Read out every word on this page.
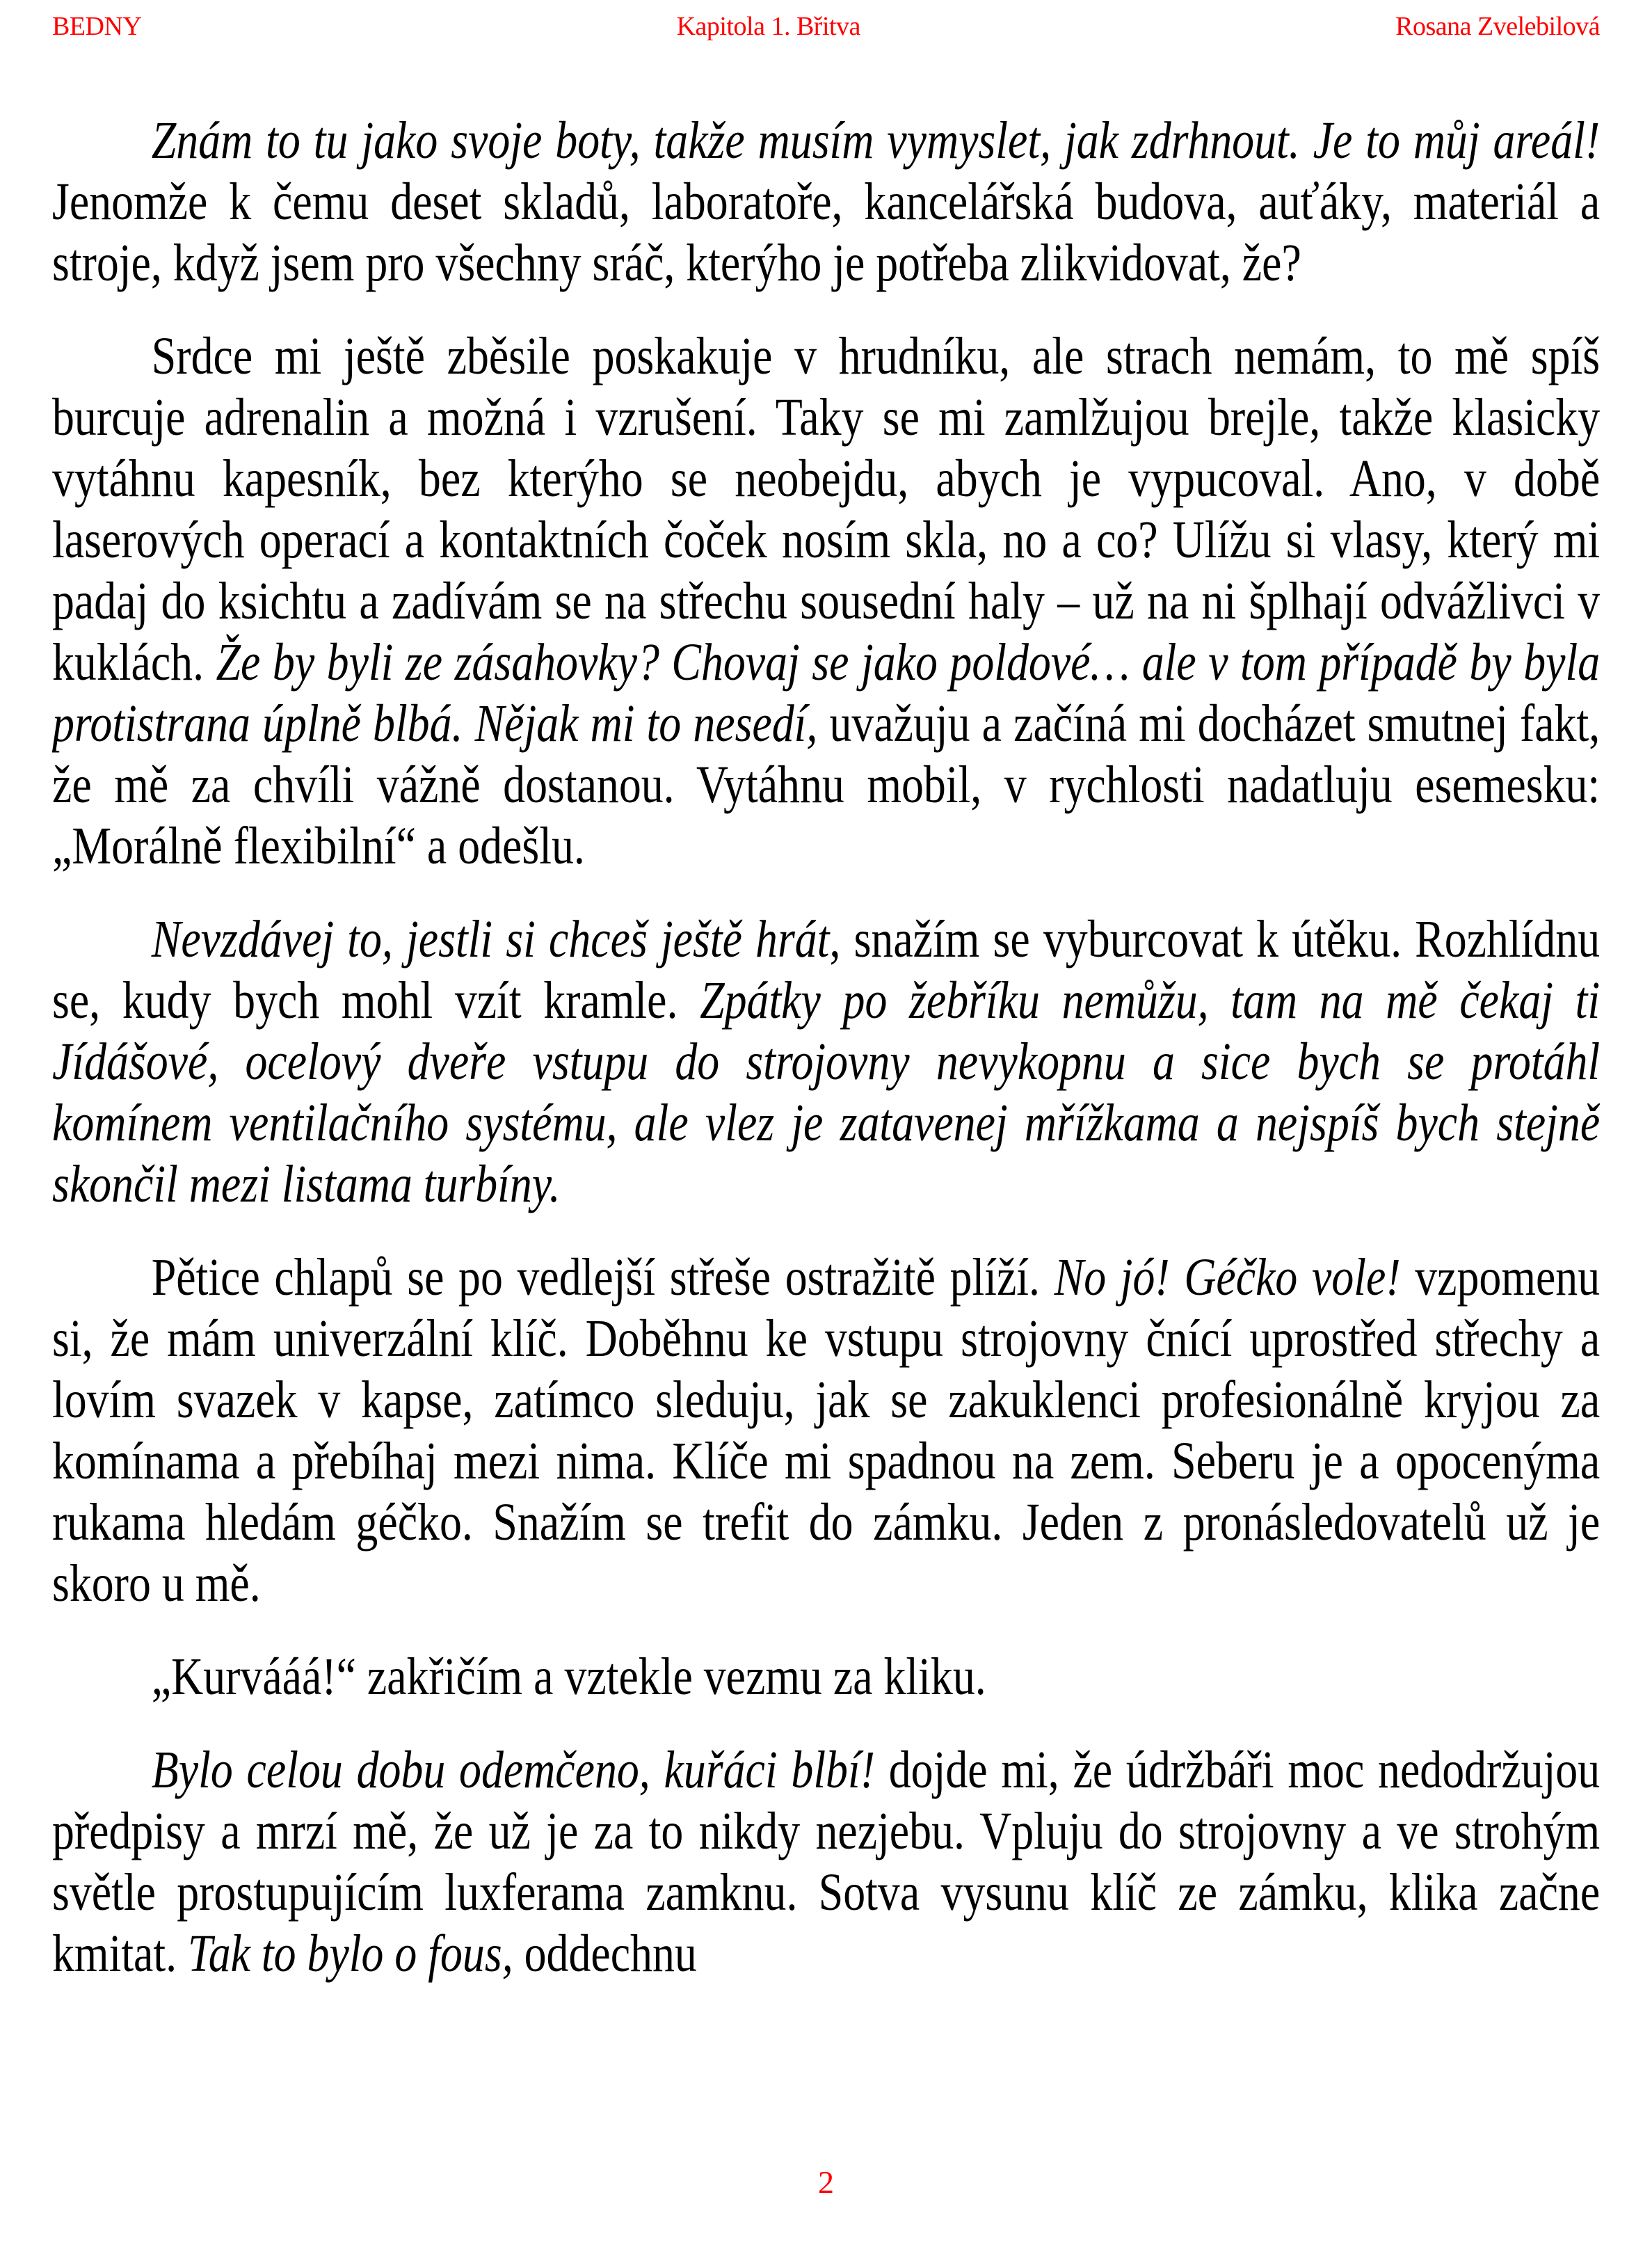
BEDNY	Kapitola 1. Břitva	Rosana Zvelebilová

Znám to tu jako svoje boty, takže musím vymyslet, jak zdrhnout. Je to můj areál! Jenomže k čemu deset skladů, laboratoře, kancelářská budova, auťáky, materiál a stroje, když jsem pro všechny sráč, kterýho je potřeba zlikvidovat, že?

Srdce mi ještě zběsile poskakuje v hrudníku, ale strach nemám, to mě spíš burcuje adrenalin a možná i vzrušení. Taky se mi zamlžujou brejle, takže klasicky vytáhnu kapesník, bez kterýho se neobejdu, abych je vypucoval. Ano, v době laserových operací a kontaktních čoček nosím skla, no a co? Ulížu si vlasy, který mi padaj do ksichtu a zadívám se na střechu sousední haly – už na ni šplhají odvážlivci v kuklách. Že by byli ze zásahovky? Chovaj se jako poldové… ale v tom případě by byla protistrana úplně blbá. Nějak mi to nesedí, uvažuju a začíná mi docházet smutnej fakt, že mě za chvíli vážně dostanou. Vytáhnu mobil, v rychlosti nadatluju esemesku: „Morálně flexibilní“ a odešlu.

Nevzdávej to, jestli si chceš ještě hrát, snažím se vyburcovat k útěku. Rozhlídnu se, kudy bych mohl vzít kramle. Zpátky po žebříku nemůžu, tam na mě čekaj ti Jídášové, ocelový dveře vstupu do strojovny nevykopnu a sice bych se protáhl komínem ventilačního systému, ale vlez je zatavenej mřížkama a nejspíš bych stejně skončil mezi listama turbíny.

Pětice chlapů se po vedlejší střeše ostražitě plíží. No jó! Géčko vole! vzpomenu si, že mám univerzální klíč. Doběhnu ke vstupu strojovny čnící uprostřed střechy a lovím svazek v kapse, zatímco sleduju, jak se zakuklenci profesionálně kryjou za komínama a přebíhaj mezi nima. Klíče mi spadnou na zem. Seberu je a opocenýma rukama hledám géčko. Snažím se trefit do zámku. Jeden z pronásledovatelů už je skoro u mě.

„Kurvááá!“ zakřičím a vztekle vezmu za kliku.

Bylo celou dobu odemčeno, kuřáci blbí! dojde mi, že údržbáři moc nedodržujou předpisy a mrzí mě, že už je za to nikdy nezjebu. Vpluju do strojovny a ve strohým světle prostupujícím luxferama zamknu. Sotva vysunu klíč ze zámku, klika začne kmitat. Tak to bylo o fous, oddechnu

2
